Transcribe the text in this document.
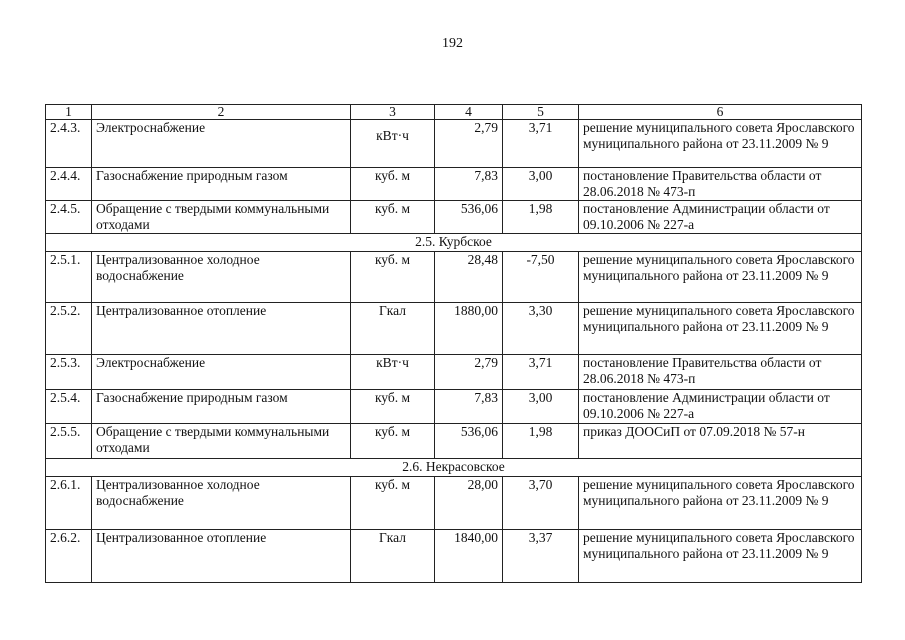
192
1	2	3	4	5	6
2.4.3.	Электроснабжение	кВт·ч	2,79	3,71	решение муниципального совета Ярославского муниципального района от 23.11.2009 № 9
2.4.4.	Газоснабжение природным газом	куб. м	7,83	3,00	постановление Правительства области от 28.06.2018 № 473-п
2.4.5.	Обращение с твердыми коммунальными отходами	куб. м	536,06	1,98	постановление Администрации области от 09.10.2006 № 227-а
2.5. Курбское					
2.5.1.	Централизованное холодное водоснабжение	куб. м	28,48	-7,50	решение муниципального совета Ярославского муниципального района от 23.11.2009 № 9
2.5.2.	Централизованное отопление	Гкал	1880,00	3,30	решение муниципального совета Ярославского муниципального района от 23.11.2009 № 9
2.5.3.	Электроснабжение	кВт·ч	2,79	3,71	постановление Правительства области от 28.06.2018 № 473-п
2.5.4.	Газоснабжение природным газом	куб. м	7,83	3,00	постановление Администрации области от 09.10.2006 № 227-а
2.5.5.	Обращение с твердыми коммунальными отходами	куб. м	536,06	1,98	приказ ДООСиП от 07.09.2018 № 57-н
2.6. Некрасовское					
2.6.1.	Централизованное холодное водоснабжение	куб. м	28,00	3,70	решение муниципального совета Ярославского муниципального района от 23.11.2009 № 9
2.6.2.	Централизованное отопление	Гкал	1840,00	3,37	решение муниципального совета Ярославского муниципального района от 23.11.2009 № 9
